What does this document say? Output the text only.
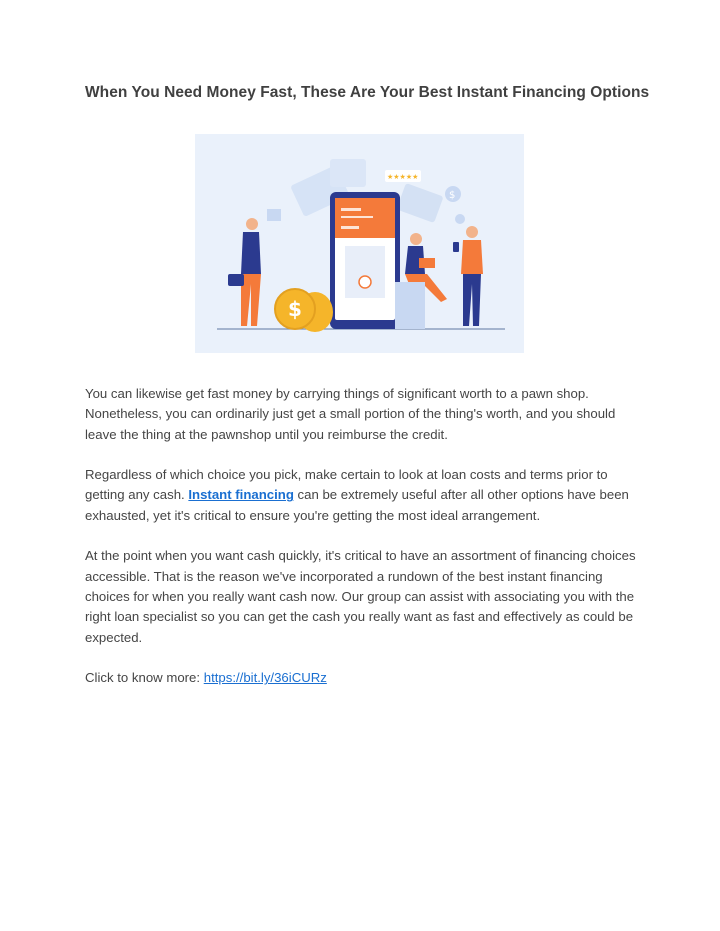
When You Need Money Fast, These Are Your Best Instant Financing Options
★★★★★
$
$

You can likewise get fast money by carrying things of significant worth to a pawn shop. Nonetheless, you can ordinarily just get a small portion of the thing's worth, and you should leave the thing at the pawnshop until you reimburse the credit.

Regardless of which choice you pick, make certain to look at loan costs and terms prior to getting any cash. Instant financing can be extremely useful after all other options have been exhausted, yet it's critical to ensure you're getting the most ideal arrangement.

At the point when you want cash quickly, it's critical to have an assortment of financing choices accessible. That is the reason we've incorporated a rundown of the best instant financing choices for when you really want cash now. Our group can assist with associating you with the right loan specialist so you can get the cash you really want as fast and effectively as could be expected.

Click to know more: https://bit.ly/36iCURz
